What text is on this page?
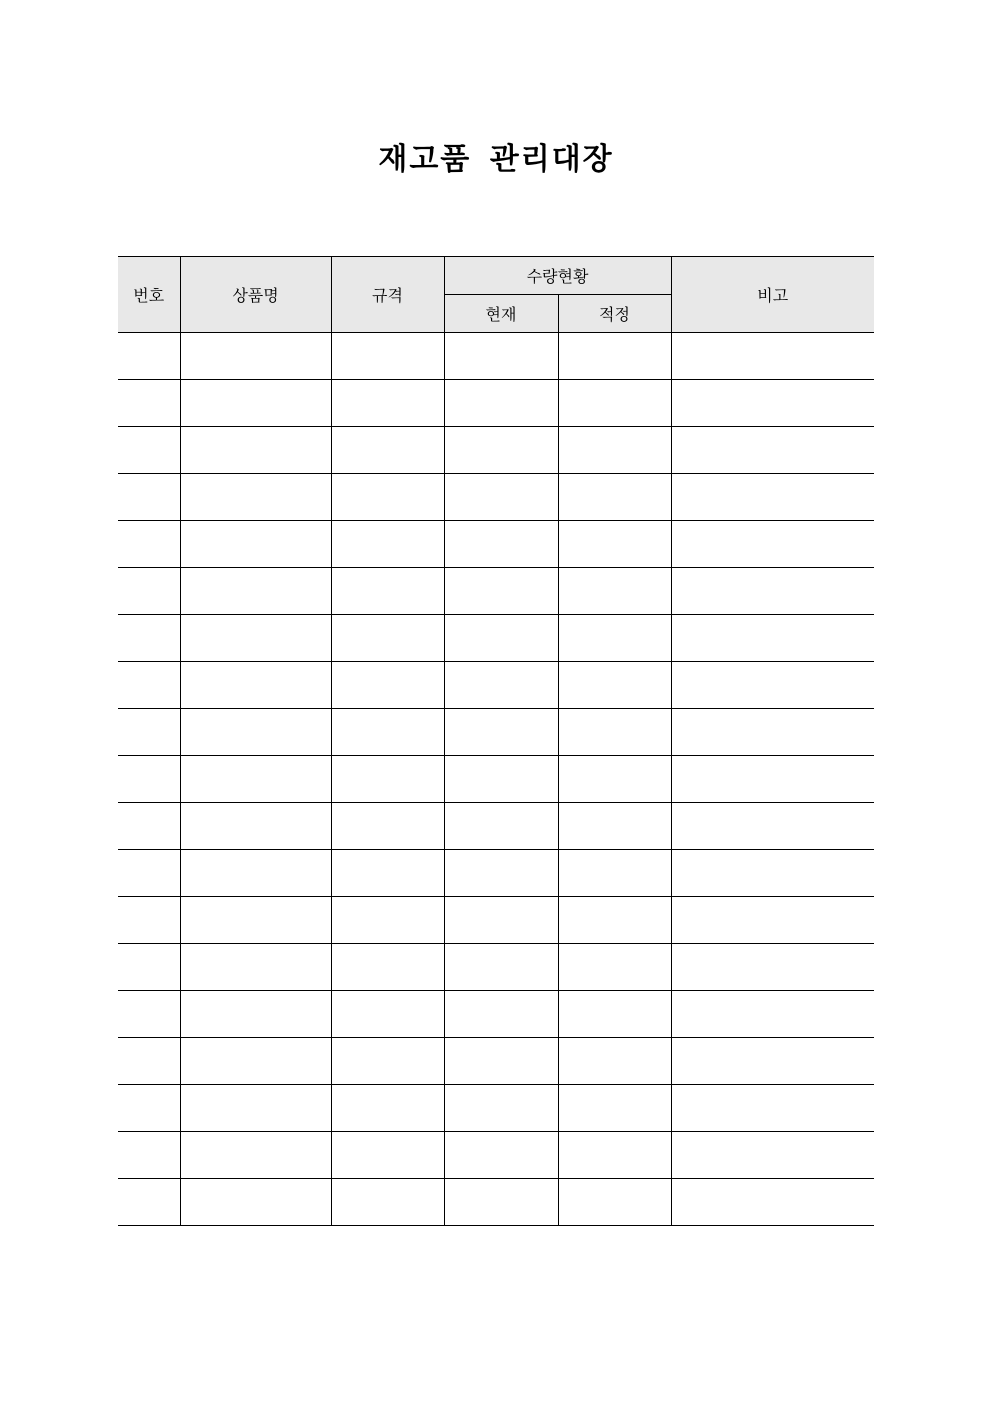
재고품 관리대장
번호	상품명	규격	수량현황		비고
			현재	적정	
